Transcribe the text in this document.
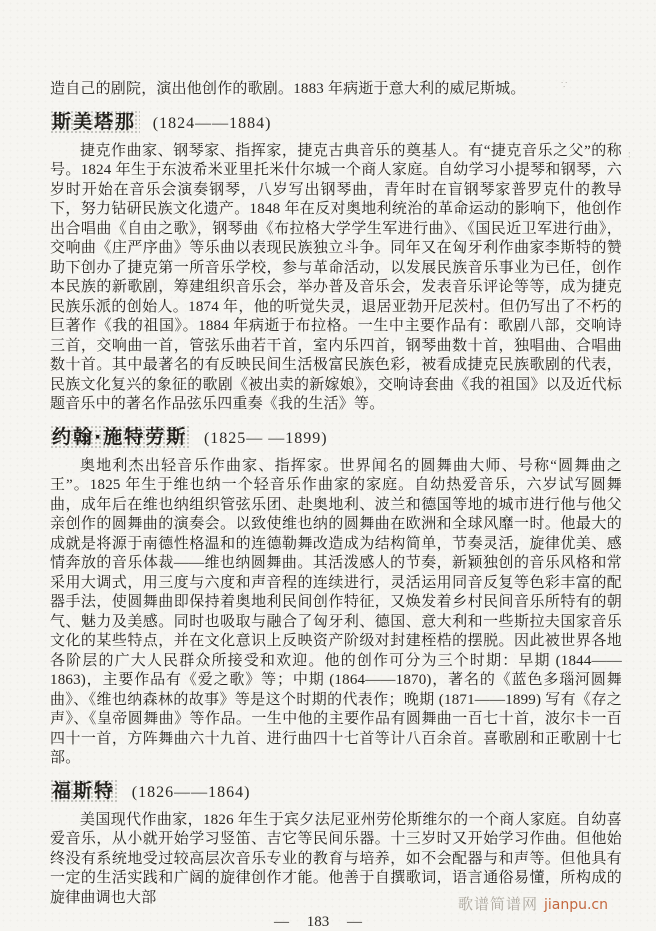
造自己的剧院，演出他创作的歌剧。1883 年病逝于意大利的威尼斯城。

斯美塔那 (1824——1884)

捷克作曲家、钢琴家、指挥家，捷克古典音乐的奠基人。有“捷克音乐之父”的称号。1824 年生于东波希米亚里托米什尔城一个商人家庭。自幼学习小提琴和钢琴，六岁时开始在音乐会演奏钢琴，八岁写出钢琴曲，青年时在盲钢琴家普罗克什的教导下，努力钻研民族文化遗产。1848 年在反对奥地利统治的革命运动的影响下，他创作出合唱曲《自由之歌》，钢琴曲《布拉格大学学生军进行曲》、《国民近卫军进行曲》，交响曲《庄严序曲》等乐曲以表现民族独立斗争。同年又在匈牙利作曲家李斯特的赞助下创办了捷克第一所音乐学校，参与革命活动，以发展民族音乐事业为已任，创作本民族的新歌剧，筹建组织音乐会，举办普及音乐会，发表音乐评论等等，成为捷克民族乐派的创始人。1874 年，他的听觉失灵，退居亚勃开尼茨村。但仍写出了不朽的巨著作《我的祖国》。1884 年病逝于布拉格。一生中主要作品有：歌剧八部，交响诗三首，交响曲一首，管弦乐曲若干首，室内乐四首，钢琴曲数十首，独唱曲、合唱曲数十首。其中最著名的有反映民间生活极富民族色彩，被看成捷克民族歌剧的代表，民族文化复兴的象征的歌剧《被出卖的新嫁娘》，交响诗套曲《我的祖国》以及近代标题音乐中的著名作品弦乐四重奏《我的生活》等。

约翰·施特劳斯 (1825— —1899)

奥地利杰出轻音乐作曲家、指挥家。世界闻名的圆舞曲大师、号称“圆舞曲之王”。1825 年生于维也纳一个轻音乐作曲家的家庭。自幼热爱音乐，六岁试写圆舞曲，成年后在维也纳组织管弦乐团、赴奥地利、波兰和德国等地的城市进行他与他父亲创作的圆舞曲的演奏会。以致使维也纳的圆舞曲在欧洲和全球风靡一时。他最大的成就是将源于南德性格温和的连德勒舞改造成为结构简单，节奏灵活，旋律优美、感情奔放的音乐体裁——维也纳圆舞曲。其活泼感人的节奏，新颖独创的音乐风格和常采用大调式，用三度与六度和声音程的连续进行，灵活运用同音反复等色彩丰富的配器手法，使圆舞曲即保持着奥地利民间创作特征，又焕发着乡村民间音乐所特有的朝气、魅力及美感。同时也吸取与融合了匈牙利、德国、意大利和一些斯拉夫国家音乐文化的某些特点，并在文化意识上反映资产阶级对封建桎梏的摆脱。因此被世界各地各阶层的广大人民群众所接受和欢迎。他的创作可分为三个时期：早期 (1844——1863)，主要作品有《爱之歌》等；中期 (1864——1870)，著名的《蓝色多瑙河圆舞曲》、《维也纳森林的故事》等是这个时期的代表作；晚期 (1871——1899) 写有《存之声》、《皇帝圆舞曲》等作品。一生中他的主要作品有圆舞曲一百七十首，波尔卡一百四十一首，方阵舞曲六十九首、进行曲四十七首等计八百余首。喜歌剧和正歌剧十七部。

福斯特 (1826——1864)

美国现代作曲家，1826 年生于宾夕法尼亚州劳伦斯维尔的一个商人家庭。自幼喜爱音乐，从小就开始学习竖笛、吉它等民间乐器。十三岁时又开始学习作曲。但他始终没有系统地受过较高层次音乐专业的教育与培养，如不会配器与和声等。但他具有一定的生活实践和广阔的旋律创作才能。他善于自撰歌词，语言通俗易懂，所构成的旋律曲调也大部

— 183 —
歌谱简谱网 jianpu.cn
∵
：
